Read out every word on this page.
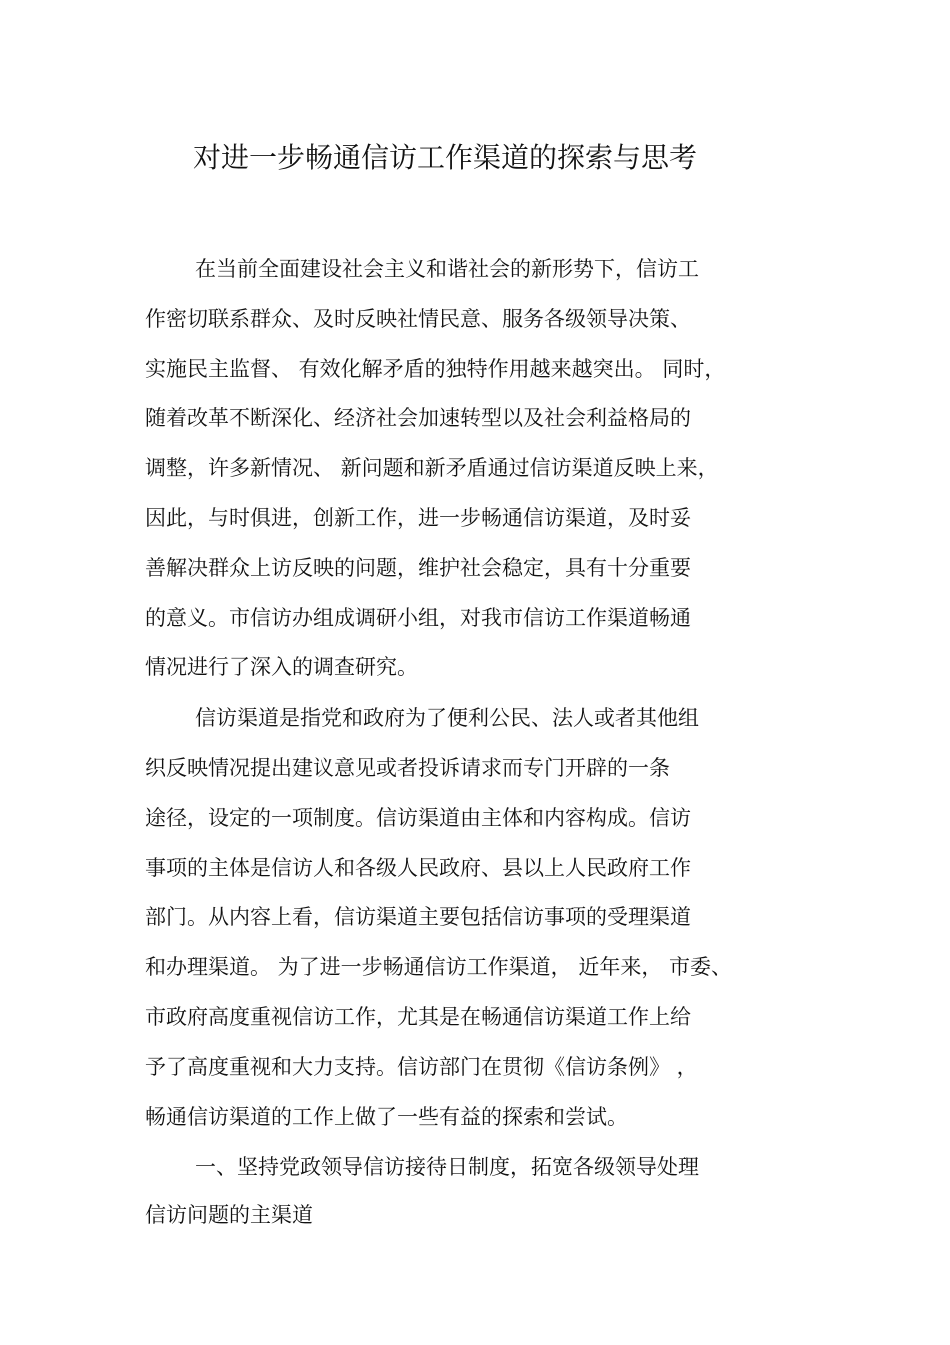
对进一步畅通信访工作渠道的探索与思考
在当前全面建设社会主义和谐社会的新形势下，信访工
作密切联系群众、及时反映社情民意、服务各级领导决策、
实施民主监督、 有效化解矛盾的独特作用越来越突出。 同时，
随着改革不断深化、经济社会加速转型以及社会利益格局的
调整，许多新情况、 新问题和新矛盾通过信访渠道反映上来，
因此，与时俱进，创新工作，进一步畅通信访渠道，及时妥
善解决群众上访反映的问题，维护社会稳定，具有十分重要
的意义。市信访办组成调研小组，对我市信访工作渠道畅通
情况进行了深入的调查研究。
信访渠道是指党和政府为了便利公民、法人或者其他组
织反映情况提出建议意见或者投诉请求而专门开辟的一条
途径，设定的一项制度。信访渠道由主体和内容构成。信访
事项的主体是信访人和各级人民政府、县以上人民政府工作
部门。从内容上看，信访渠道主要包括信访事项的受理渠道
和办理渠道。 为了进一步畅通信访工作渠道， 近年来， 市委、
市政府高度重视信访工作，尤其是在畅通信访渠道工作上给
予了高度重视和大力支持。信访部门在贯彻《信访条例》 ，
畅通信访渠道的工作上做了一些有益的探索和尝试。
一、坚持党政领导信访接待日制度，拓宽各级领导处理
信访问题的主渠道
